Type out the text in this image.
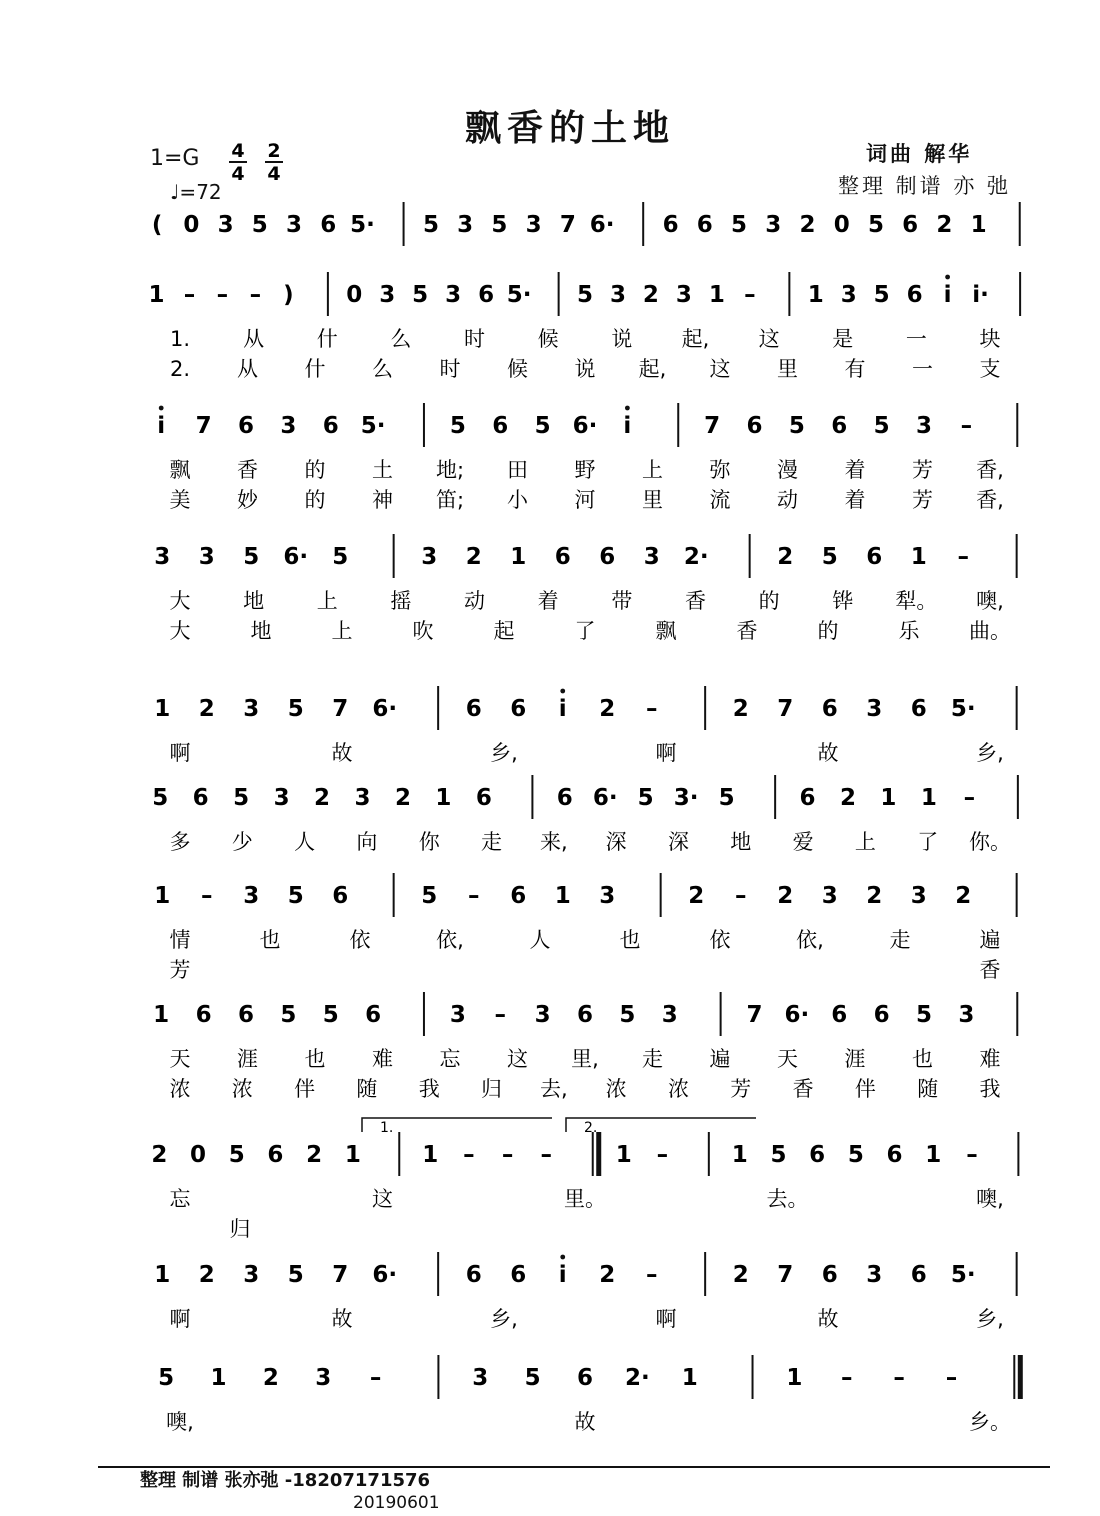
飘香的土地
1=G
♩=72
词曲 解华
整理 制谱 亦 弛
4
4
2
4
( 0 3 5 3 6 5· 5 3 5 3 7 6· 6 6 5 3 2 0 5 6 2 1
1 – – – ) 0 3 5 3 6 5· 5 3 2 3 1 – 1 3 5 6 i i·
1.	从	什	么	时	候	说 起, 这	是	一	块
2. 从 什 么 时 候 说 起, 这 里 有 一 支
i 7 6 3 6 5·	5 6 5 6· i	7 6 5 6 5 3 –
飘 香 的 土 地; 田 野 上 弥 漫 着 芳 香,
美 妙 的 神 笛; 小 河 里 流 动 着 芳 香,
3 3 5 6· 5	3 2 1 6 6 3 2·	2 5 6 1 –
大	地	上	摇	动	着	带	香	的	铧 犁。 噢,
大	地	上	吹	起	了	飘	香	的	乐 曲。
1 2 3 5 7 6·	6 6 i 2 –	2 7 6 3 6 5·
啊	故	乡,	啊	故	乡,
5 6 5 3 2 3 2 1 6	6 6· 5 3· 5	6 2 1 1 –
多 少 人 向 你 走 来, 深 深 地 爱 上 了 你。
1 – 3 5 6	5 – 6 1 3	2 – 2 3 2 3 2
情	也	依	依,	人	也	依	依,	走	遍
芳	香
1 6 6 5 5 6	3 – 3 6 5 3	7 6· 6 6 5 3
天 涯 也 难 忘 这 里, 走 遍 天 涯 也 难
浓 浓 伴 随 我 归 去, 浓 浓 芳 香 伴 随 我
2 0 5 6 2 1	1 – – – :‖ 1 –	1 5 6 5 6 1 –
1.	2.
忘	这	里。	去。	噢,
归
1 2 3 5 7 6·	6 6 i 2 –	2 7 6 3 6 5·
啊	故	乡,	啊	故	乡,
5 1 2 3 –	3 5 6 2· 1	1 – – – ‖
噢,	故	乡。
整理 制谱 张亦弛 -18207171576
20190601
